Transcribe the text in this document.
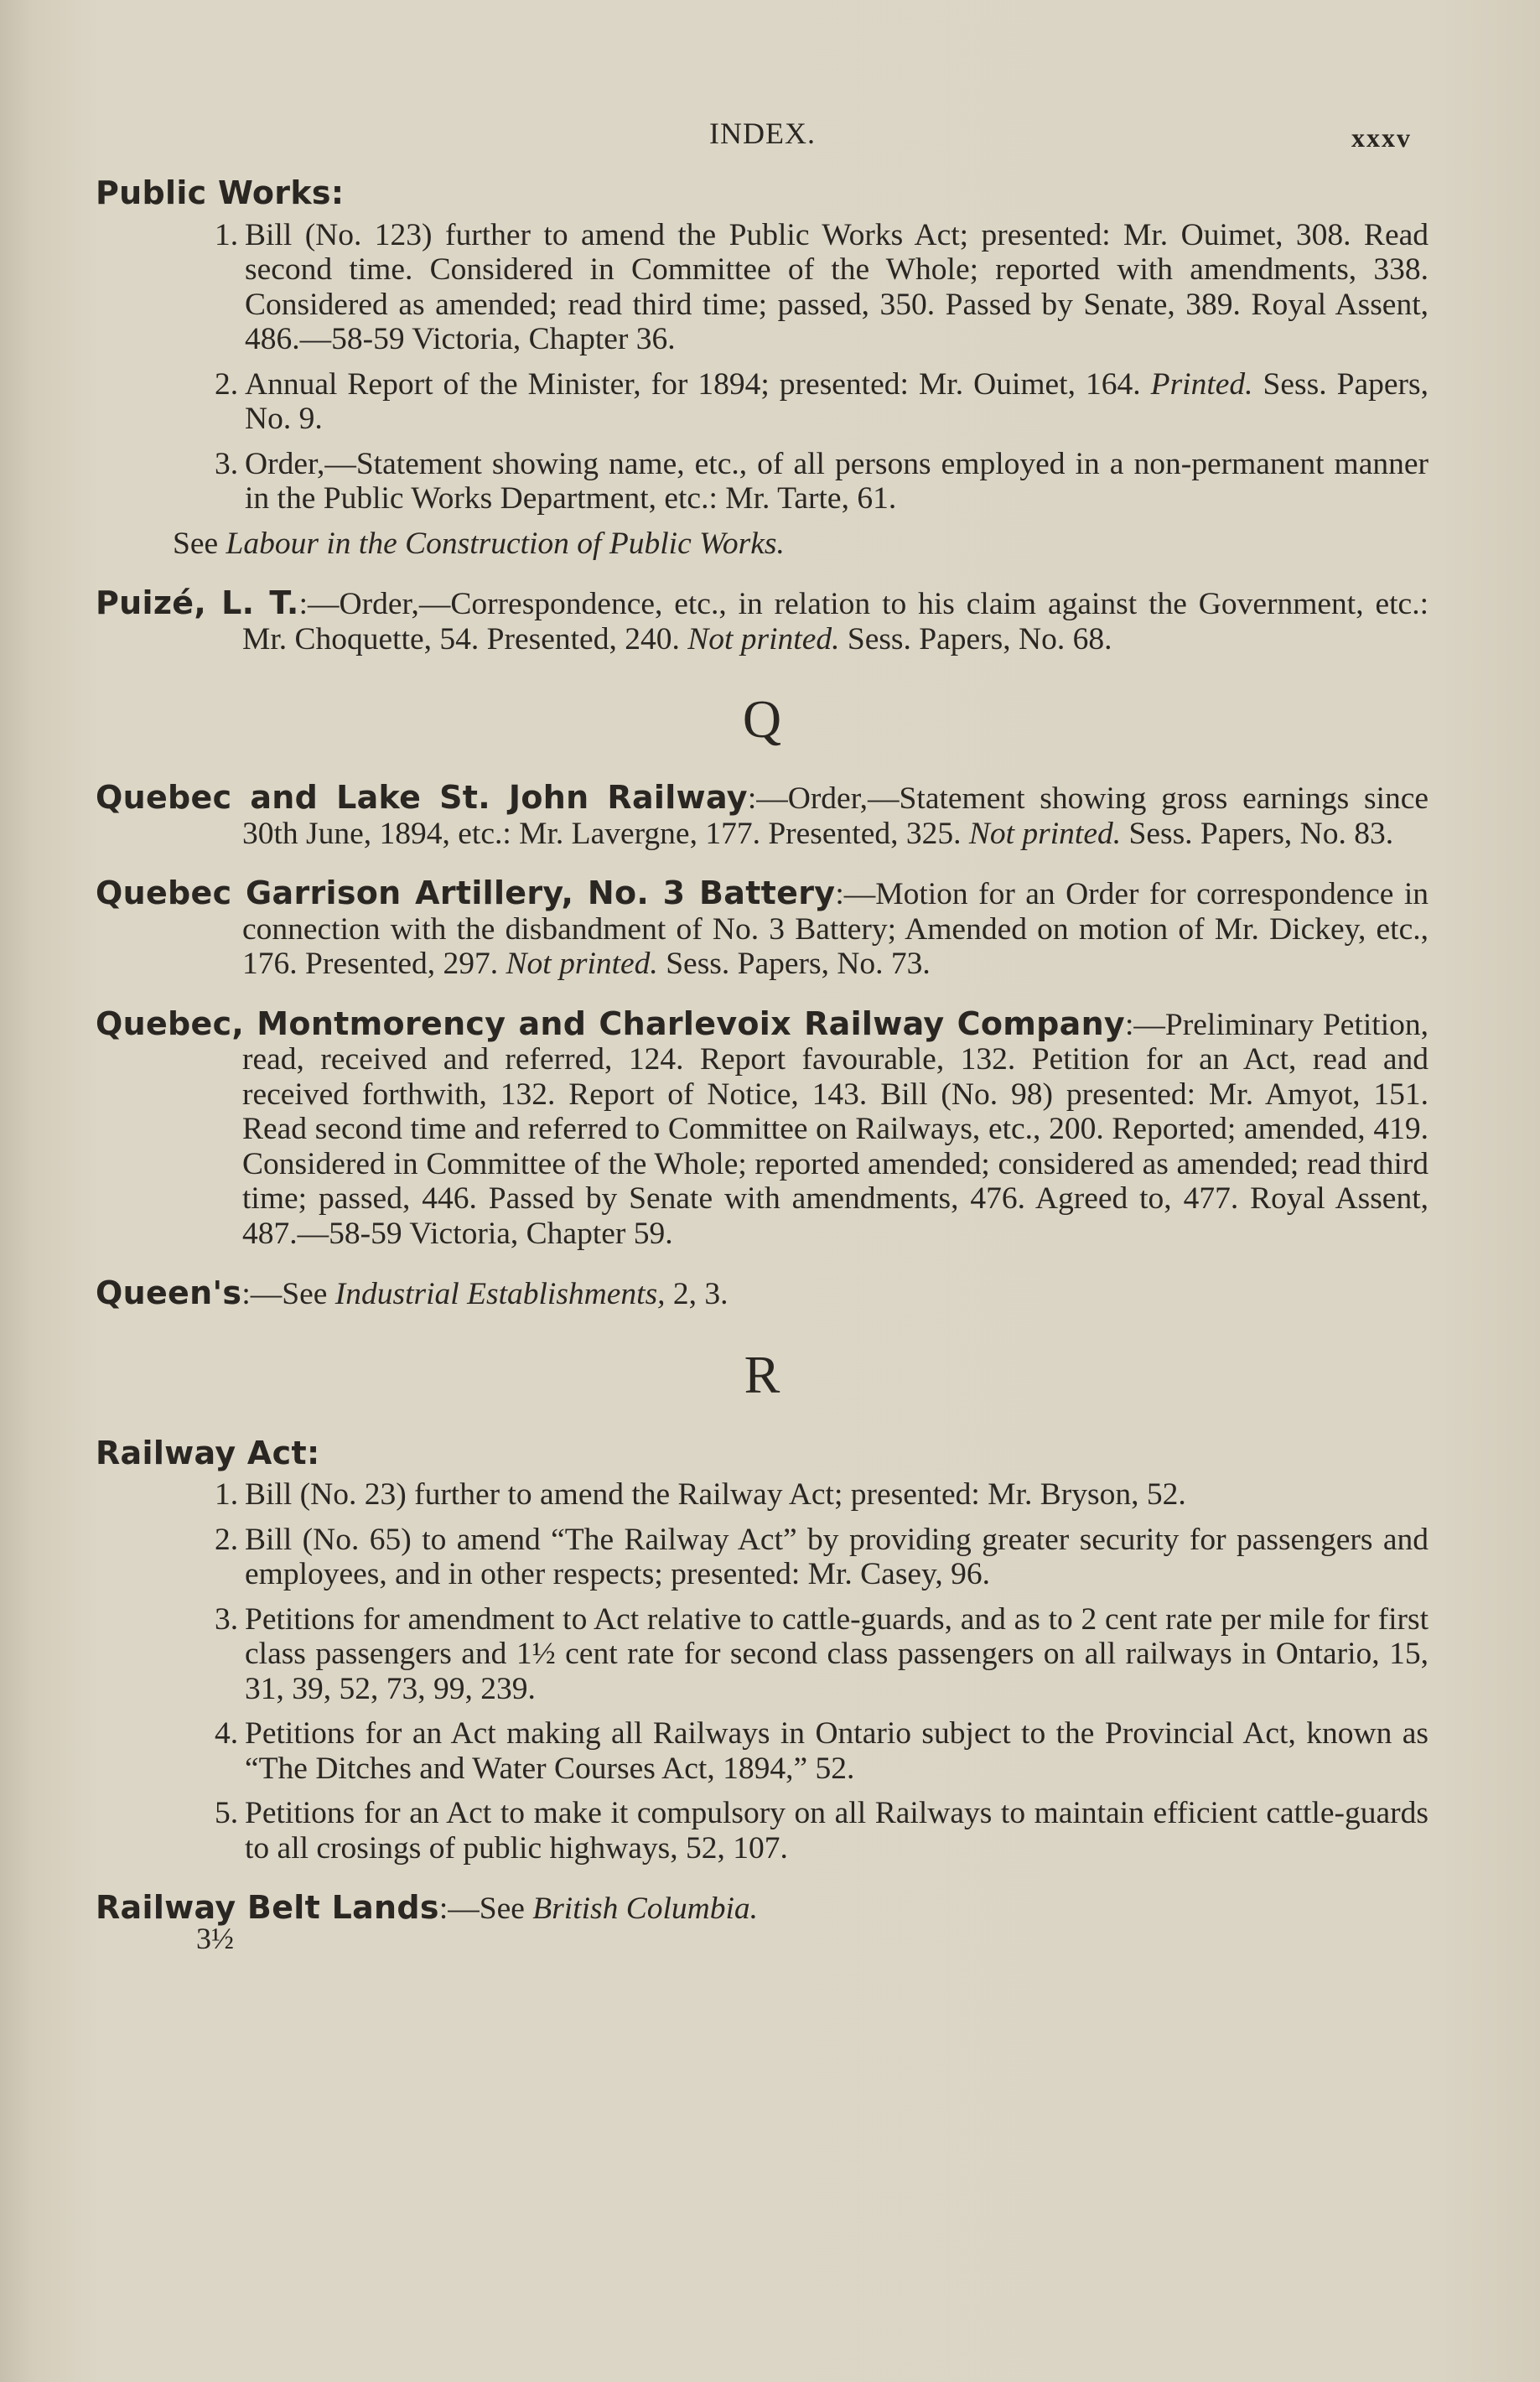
INDEX.	xxxv
Public Works:
1. Bill (No. 123) further to amend the Public Works Act; presented: Mr. Ouimet, 308. Read second time. Considered in Committee of the Whole; reported with amendments, 338. Considered as amended; read third time; passed, 350. Passed by Senate, 389. Royal Assent, 486.—58-59 Victoria, Chapter 36.
2. Annual Report of the Minister, for 1894; presented: Mr. Ouimet, 164. Printed. Sess. Papers, No. 9.
3. Order,—Statement showing name, etc., of all persons employed in a non-permanent manner in the Public Works Department, etc.: Mr. Tarte, 61.
See Labour in the Construction of Public Works.
Puizé, L. T.:—Order,—Correspondence, etc., in relation to his claim against the Government, etc.: Mr. Choquette, 54. Presented, 240. Not printed. Sess. Papers, No. 68.
Q
Quebec and Lake St. John Railway:—Order,—Statement showing gross earnings since 30th June, 1894, etc.: Mr. Lavergne, 177. Presented, 325. Not printed. Sess. Papers, No. 83.
Quebec Garrison Artillery, No. 3 Battery:—Motion for an Order for correspondence in connection with the disbandment of No. 3 Battery; Amended on motion of Mr. Dickey, etc., 176. Presented, 297. Not printed. Sess. Papers, No. 73.
Quebec, Montmorency and Charlevoix Railway Company:—Preliminary Petition, read, received and referred, 124. Report favourable, 132. Petition for an Act, read and received forthwith, 132. Report of Notice, 143. Bill (No. 98) presented: Mr. Amyot, 151. Read second time and referred to Committee on Railways, etc., 200. Reported; amended, 419. Considered in Committee of the Whole; reported amended; considered as amended; read third time; passed, 446. Passed by Senate with amendments, 476. Agreed to, 477. Royal Assent, 487.—58-59 Victoria, Chapter 59.
Queen's:—See Industrial Establishments, 2, 3.
R
Railway Act:
1. Bill (No. 23) further to amend the Railway Act; presented: Mr. Bryson, 52.
2. Bill (No. 65) to amend “The Railway Act” by providing greater security for passengers and employees, and in other respects; presented: Mr. Casey, 96.
3. Petitions for amendment to Act relative to cattle-guards, and as to 2 cent rate per mile for first class passengers and 1½ cent rate for second class passengers on all railways in Ontario, 15, 31, 39, 52, 73, 99, 239.
4. Petitions for an Act making all Railways in Ontario subject to the Provincial Act, known as “The Ditches and Water Courses Act, 1894,” 52.
5. Petitions for an Act to make it compulsory on all Railways to maintain efficient cattle-guards to all crosings of public highways, 52, 107.
Railway Belt Lands:—See British Columbia.
3½
